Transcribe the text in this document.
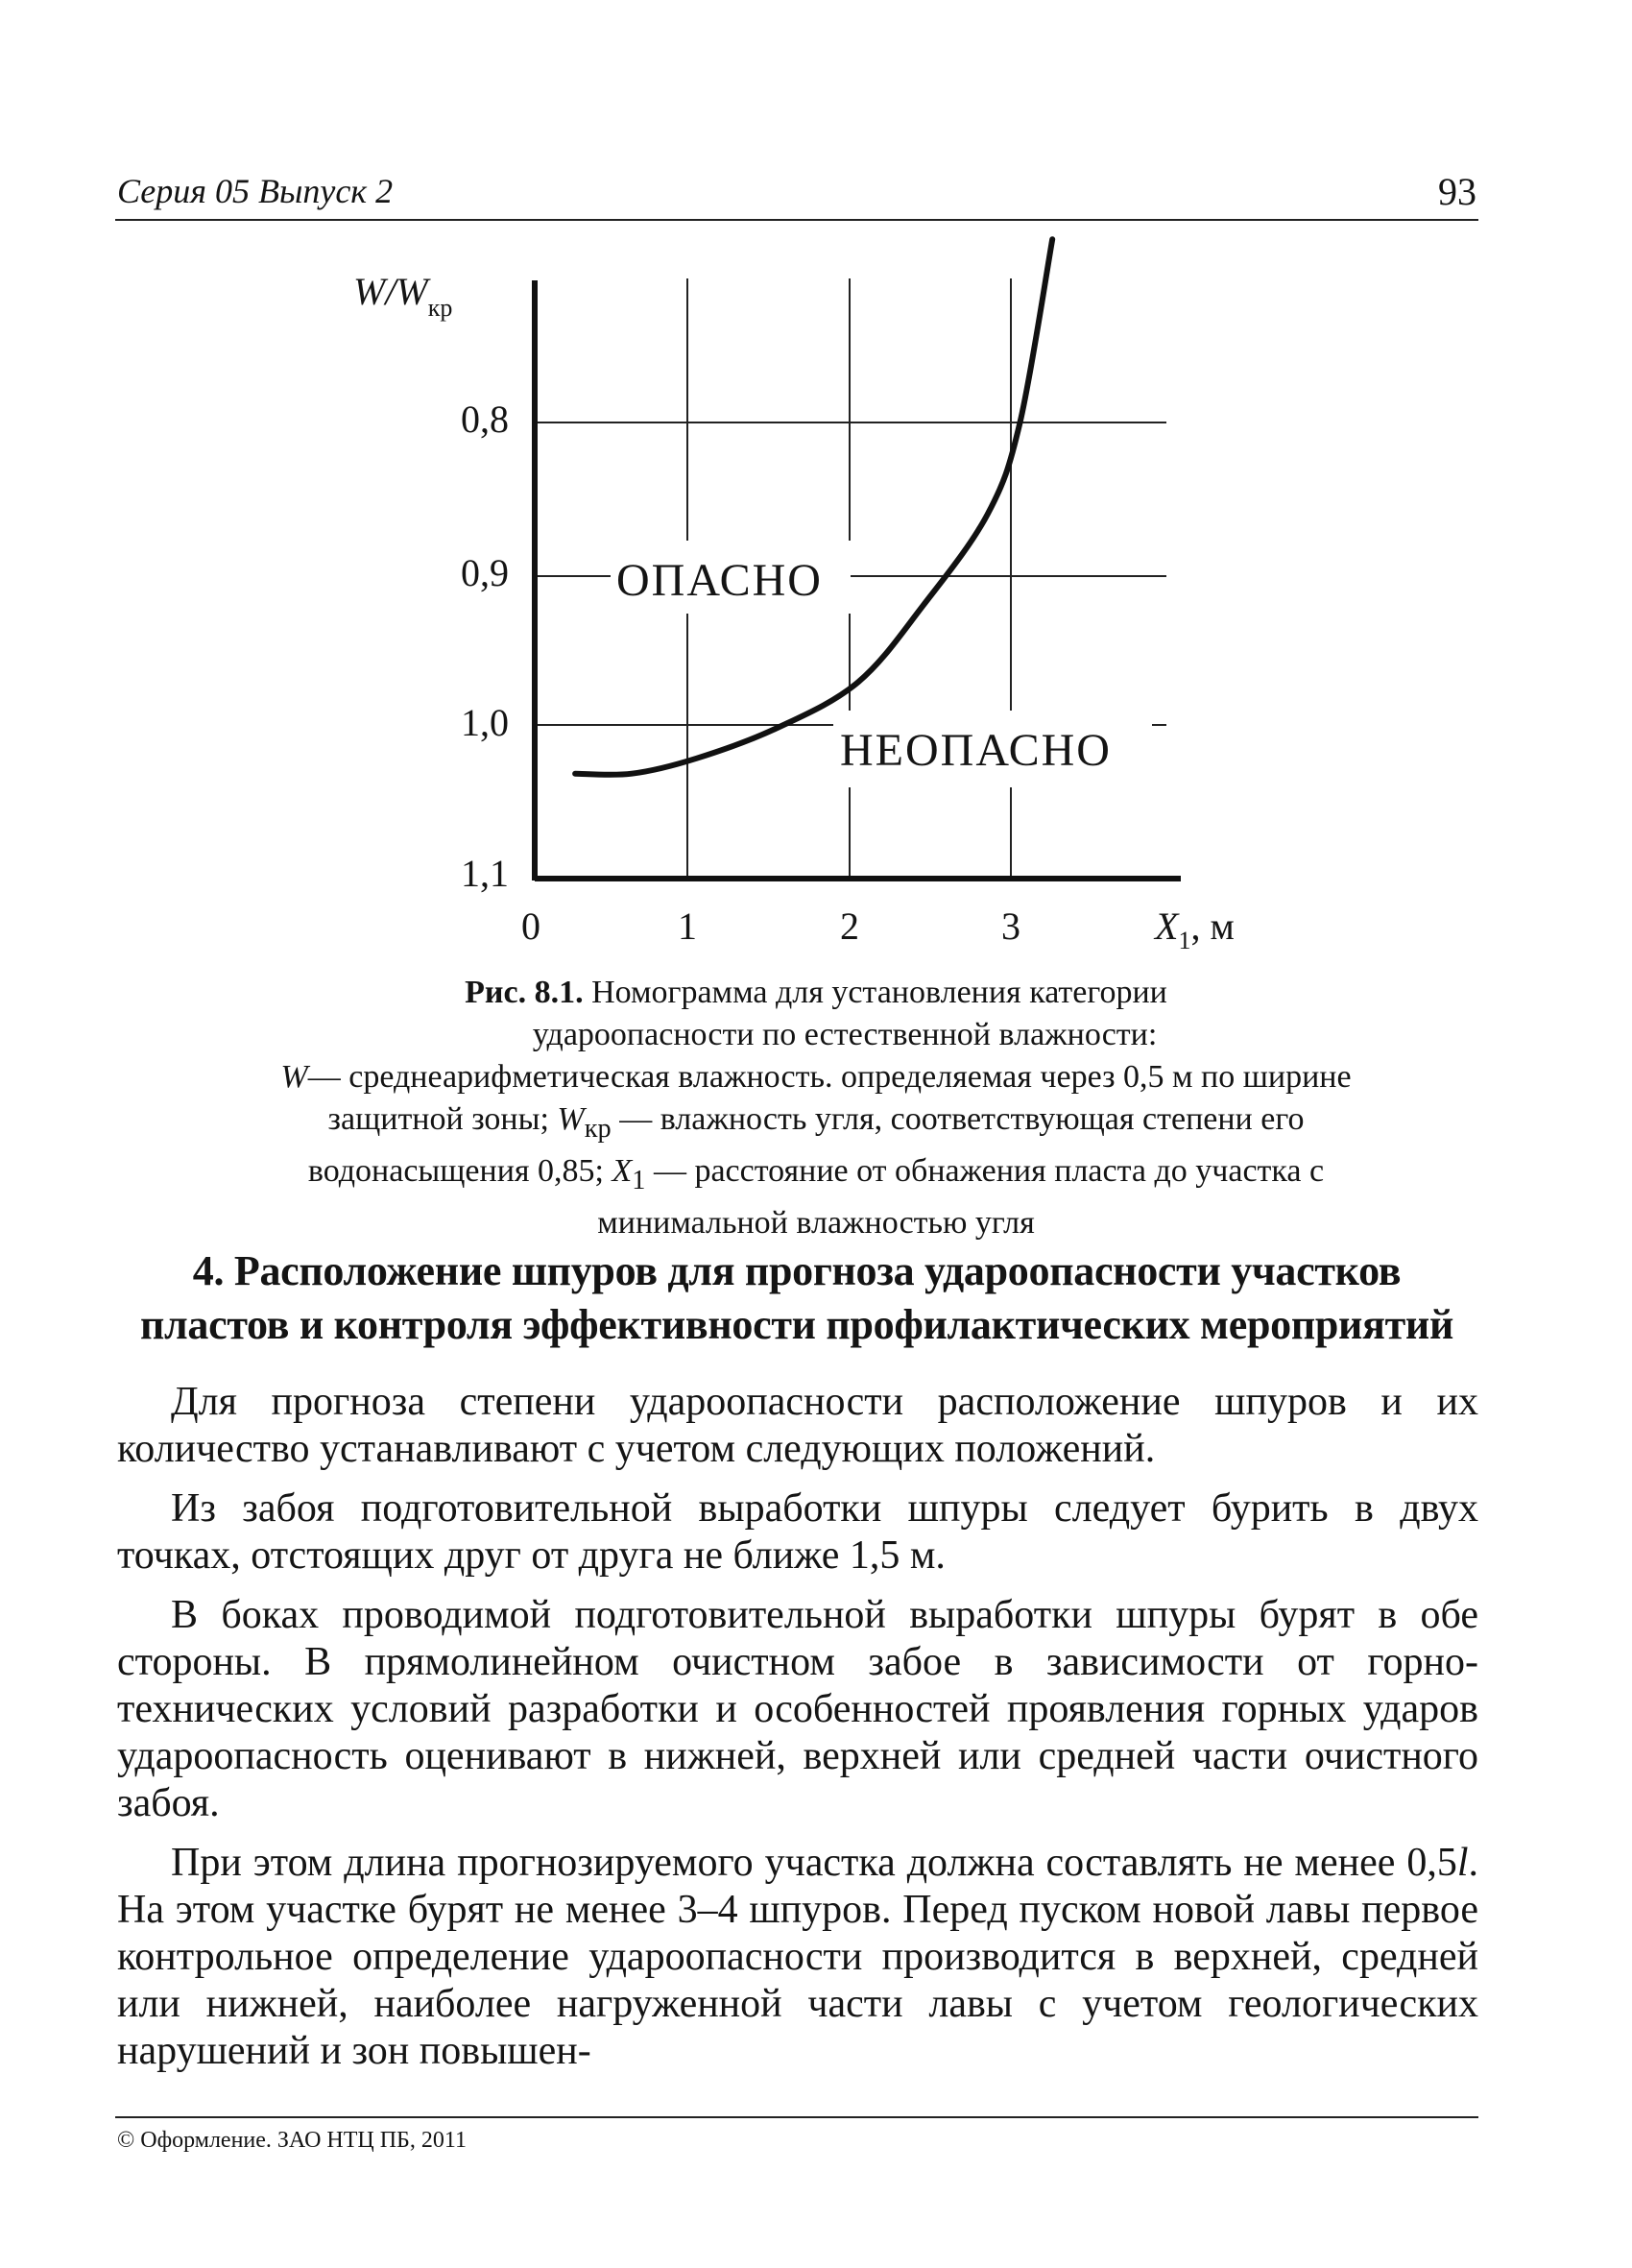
Серия 05 Выпуск 2	93
$W/W_{кр}$
0,8
0,9
1,0
1,1
0	1	2	3	$X_1$, м
ОПАСНО
НЕОПАСНО
Рис. 8.1. Номограмма для установления категории
удароопасности по естественной влажности:
W— среднеарифметическая влажность. определяемая через 0,5 м по ширине
защитной зоны; $W_{кр}$ — влажность угля, соответствующая степени его
водонасыщения 0,85; $X_1$ — расстояние от обнажения пласта до участка с
минимальной влажностью угля
4. Расположение шпуров для прогноза удароопасности участков
пластов и контроля эффективности профилактических мероприятий

Для прогноза степени удароопасности расположение шпуров и их количество устанавливают с учетом следующих положений.

Из забоя подготовительной выработки шпуры следует бурить в двух точках, отстоящих друг от друга не ближе 1,5 м.

В боках проводимой подготовительной выработки шпуры бурят в обе стороны. В прямолинейном очистном забое в зависимости от горно-технических условий разработки и особенностей проявления горных ударов удароопасность оценивают в нижней, верхней или средней части очистного забоя.

При этом длина прогнозируемого участка должна составлять не менее 0,5l. На этом участке бурят не менее 3–4 шпуров. Перед пуском новой лавы первое контрольное определение удароопасности производится в верхней, средней или нижней, наиболее нагруженной части лавы с учетом геологических нарушений и зон повышен-

© Оформление. ЗАО НТЦ ПБ, 2011
